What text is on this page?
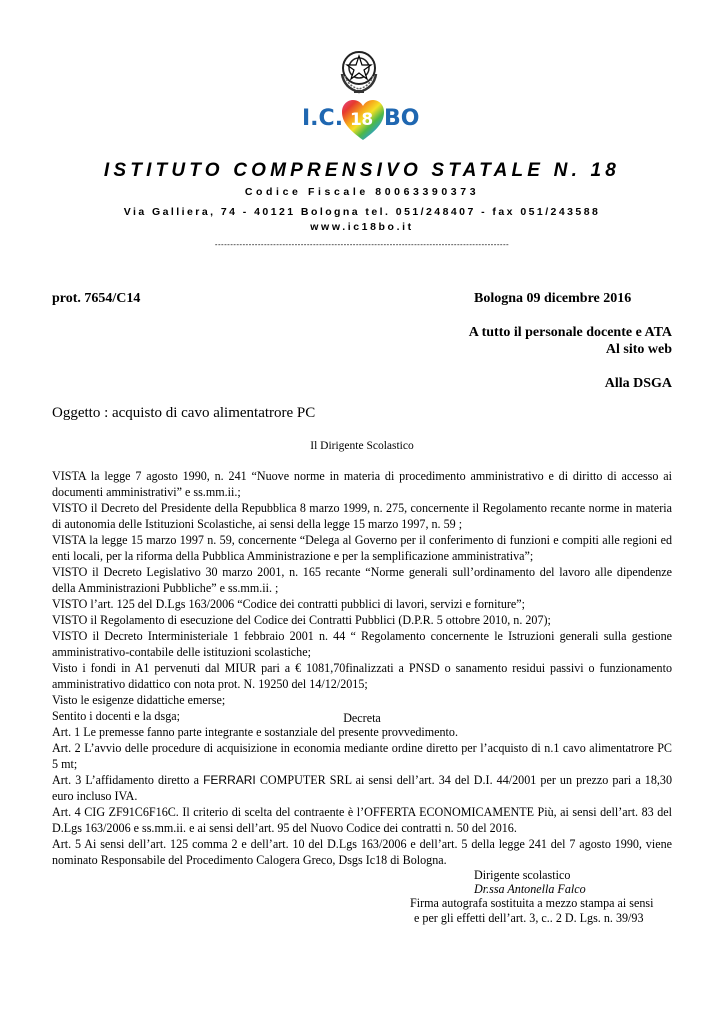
I.C. 18 BO
ISTITUTO COMPRENSIVO STATALE N. 18
Codice Fiscale 80063390373
Via Galliera, 74 - 40121 Bologna tel. 051/248407 - fax 051/243588
www.ic18bo.it
------------------------------------------------------------------------------------------------
prot. 7654/C14	Bologna 09 dicembre 2016
A tutto il personale docente e ATA
Al sito web
Alla DSGA
Oggetto : acquisto di cavo alimentatrore PC
Il Dirigente Scolastico

VISTA la legge 7 agosto 1990, n. 241 “Nuove norme in materia di procedimento amministrativo e di diritto di accesso ai documenti amministrativi” e ss.mm.ii.;

VISTO il Decreto del Presidente della Repubblica 8 marzo 1999, n. 275, concernente il Regolamento recante norme in materia di autonomia delle Istituzioni Scolastiche, ai sensi della legge 15 marzo 1997, n. 59 ;

VISTA la legge 15 marzo 1997 n. 59, concernente “Delega al Governo per il conferimento di funzioni e compiti alle regioni ed enti locali, per la riforma della Pubblica Amministrazione e per la semplificazione amministrativa”;

VISTO il Decreto Legislativo 30 marzo 2001, n. 165 recante “Norme generali sull’ordinamento del lavoro alle dipendenze della Amministrazioni Pubbliche” e ss.mm.ii. ;

VISTO l’art. 125 del D.Lgs 163/2006 “Codice dei contratti pubblici di lavori, servizi e forniture”;

VISTO il Regolamento di esecuzione del Codice dei Contratti Pubblici (D.P.R. 5 ottobre 2010, n. 207);

VISTO il Decreto Interministeriale 1 febbraio 2001 n. 44 “ Regolamento concernente le Istruzioni generali sulla gestione amministrativo-contabile delle istituzioni scolastiche;

Visto i fondi in A1 pervenuti dal MIUR pari a € 1081,70finalizzati a PNSD o sanamento residui passivi o funzionamento amministrativo didattico con nota prot. N. 19250 del 14/12/2015;

Visto le esigenze didattiche emerse;

Sentito i docenti e la dsga;	Decreta

Art. 1 Le premesse fanno parte integrante e sostanziale del presente provvedimento.

Art. 2 L’avvio delle procedure di acquisizione in economia mediante ordine diretto per l’acquisto di n.1 cavo alimentatrore PC 5 mt;

Art. 3 L’affidamento diretto a FERRARI COMPUTER SRL ai sensi dell’art. 34 del D.I. 44/2001 per un prezzo pari a 18,30 euro incluso IVA.

Art. 4 CIG ZF91C6F16C. Il criterio di scelta del contraente è l’OFFERTA ECONOMICAMENTE Più, ai sensi dell’art. 83 del D.Lgs 163/2006 e ss.mm.ii. e ai sensi dell’art. 95 del Nuovo Codice dei contratti n. 50 del 2016.

Art. 5 Ai sensi dell’art. 125 comma 2 e dell’art. 10 del D.Lgs 163/2006 e dell’art. 5 della legge 241 del 7 agosto 1990, viene nominato Responsabile del Procedimento Calogera Greco, Dsgs Ic18 di Bologna.

Dirigente scolastico
Dr.ssa Antonella Falco
Firma autografa sostituita a mezzo stampa ai sensi
e per gli effetti dell’art. 3, c.. 2 D. Lgs. n. 39/93
